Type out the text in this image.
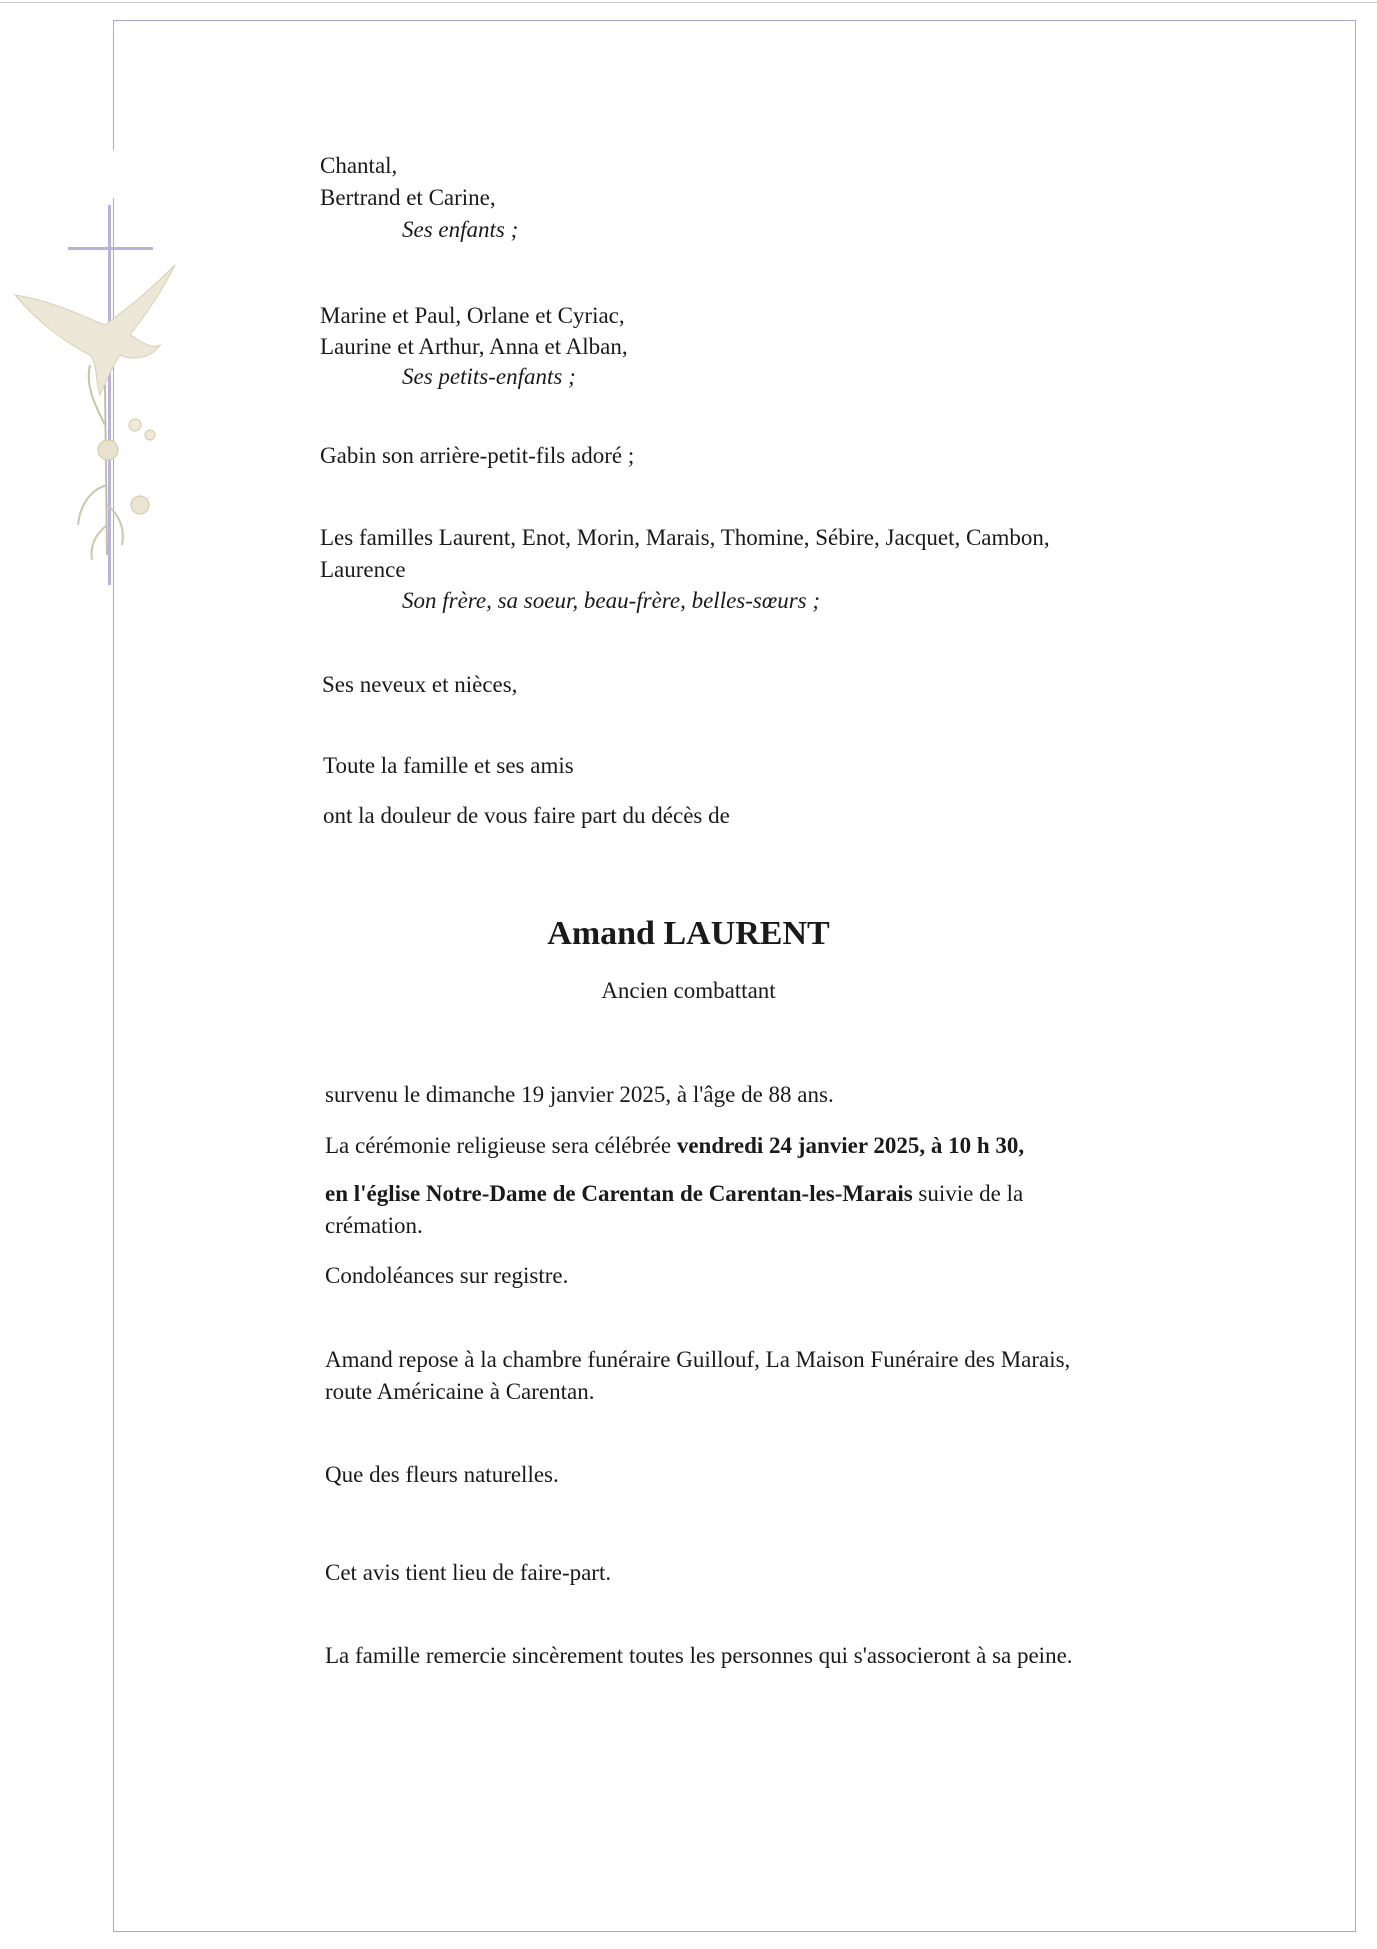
Chantal,
Bertrand et Carine,
Ses enfants ;
Marine et Paul, Orlane et Cyriac,
Laurine et Arthur, Anna et Alban,
Ses petits-enfants ;
Gabin son arrière-petit-fils adoré ;
Les familles Laurent, Enot, Morin, Marais, Thomine, Sébire, Jacquet, Cambon,
Laurence
Son frère, sa soeur, beau-frère, belles-sœurs ;
Ses neveux et nièces,
Toute la famille et ses amis
ont la douleur de vous faire part du décès de
Amand LAURENT
Ancien combattant
survenu le dimanche 19 janvier 2025, à l'âge de 88 ans.
La cérémonie religieuse sera célébrée vendredi 24 janvier 2025, à 10 h 30,
en l'église Notre-Dame de Carentan de Carentan-les-Marais suivie de la
crémation.
Condoléances sur registre.
Amand repose à la chambre funéraire Guillouf, La Maison Funéraire des Marais,
route Américaine à Carentan.
Que des fleurs naturelles.
Cet avis tient lieu de faire-part.
La famille remercie sincèrement toutes les personnes qui s'associeront à sa peine.
